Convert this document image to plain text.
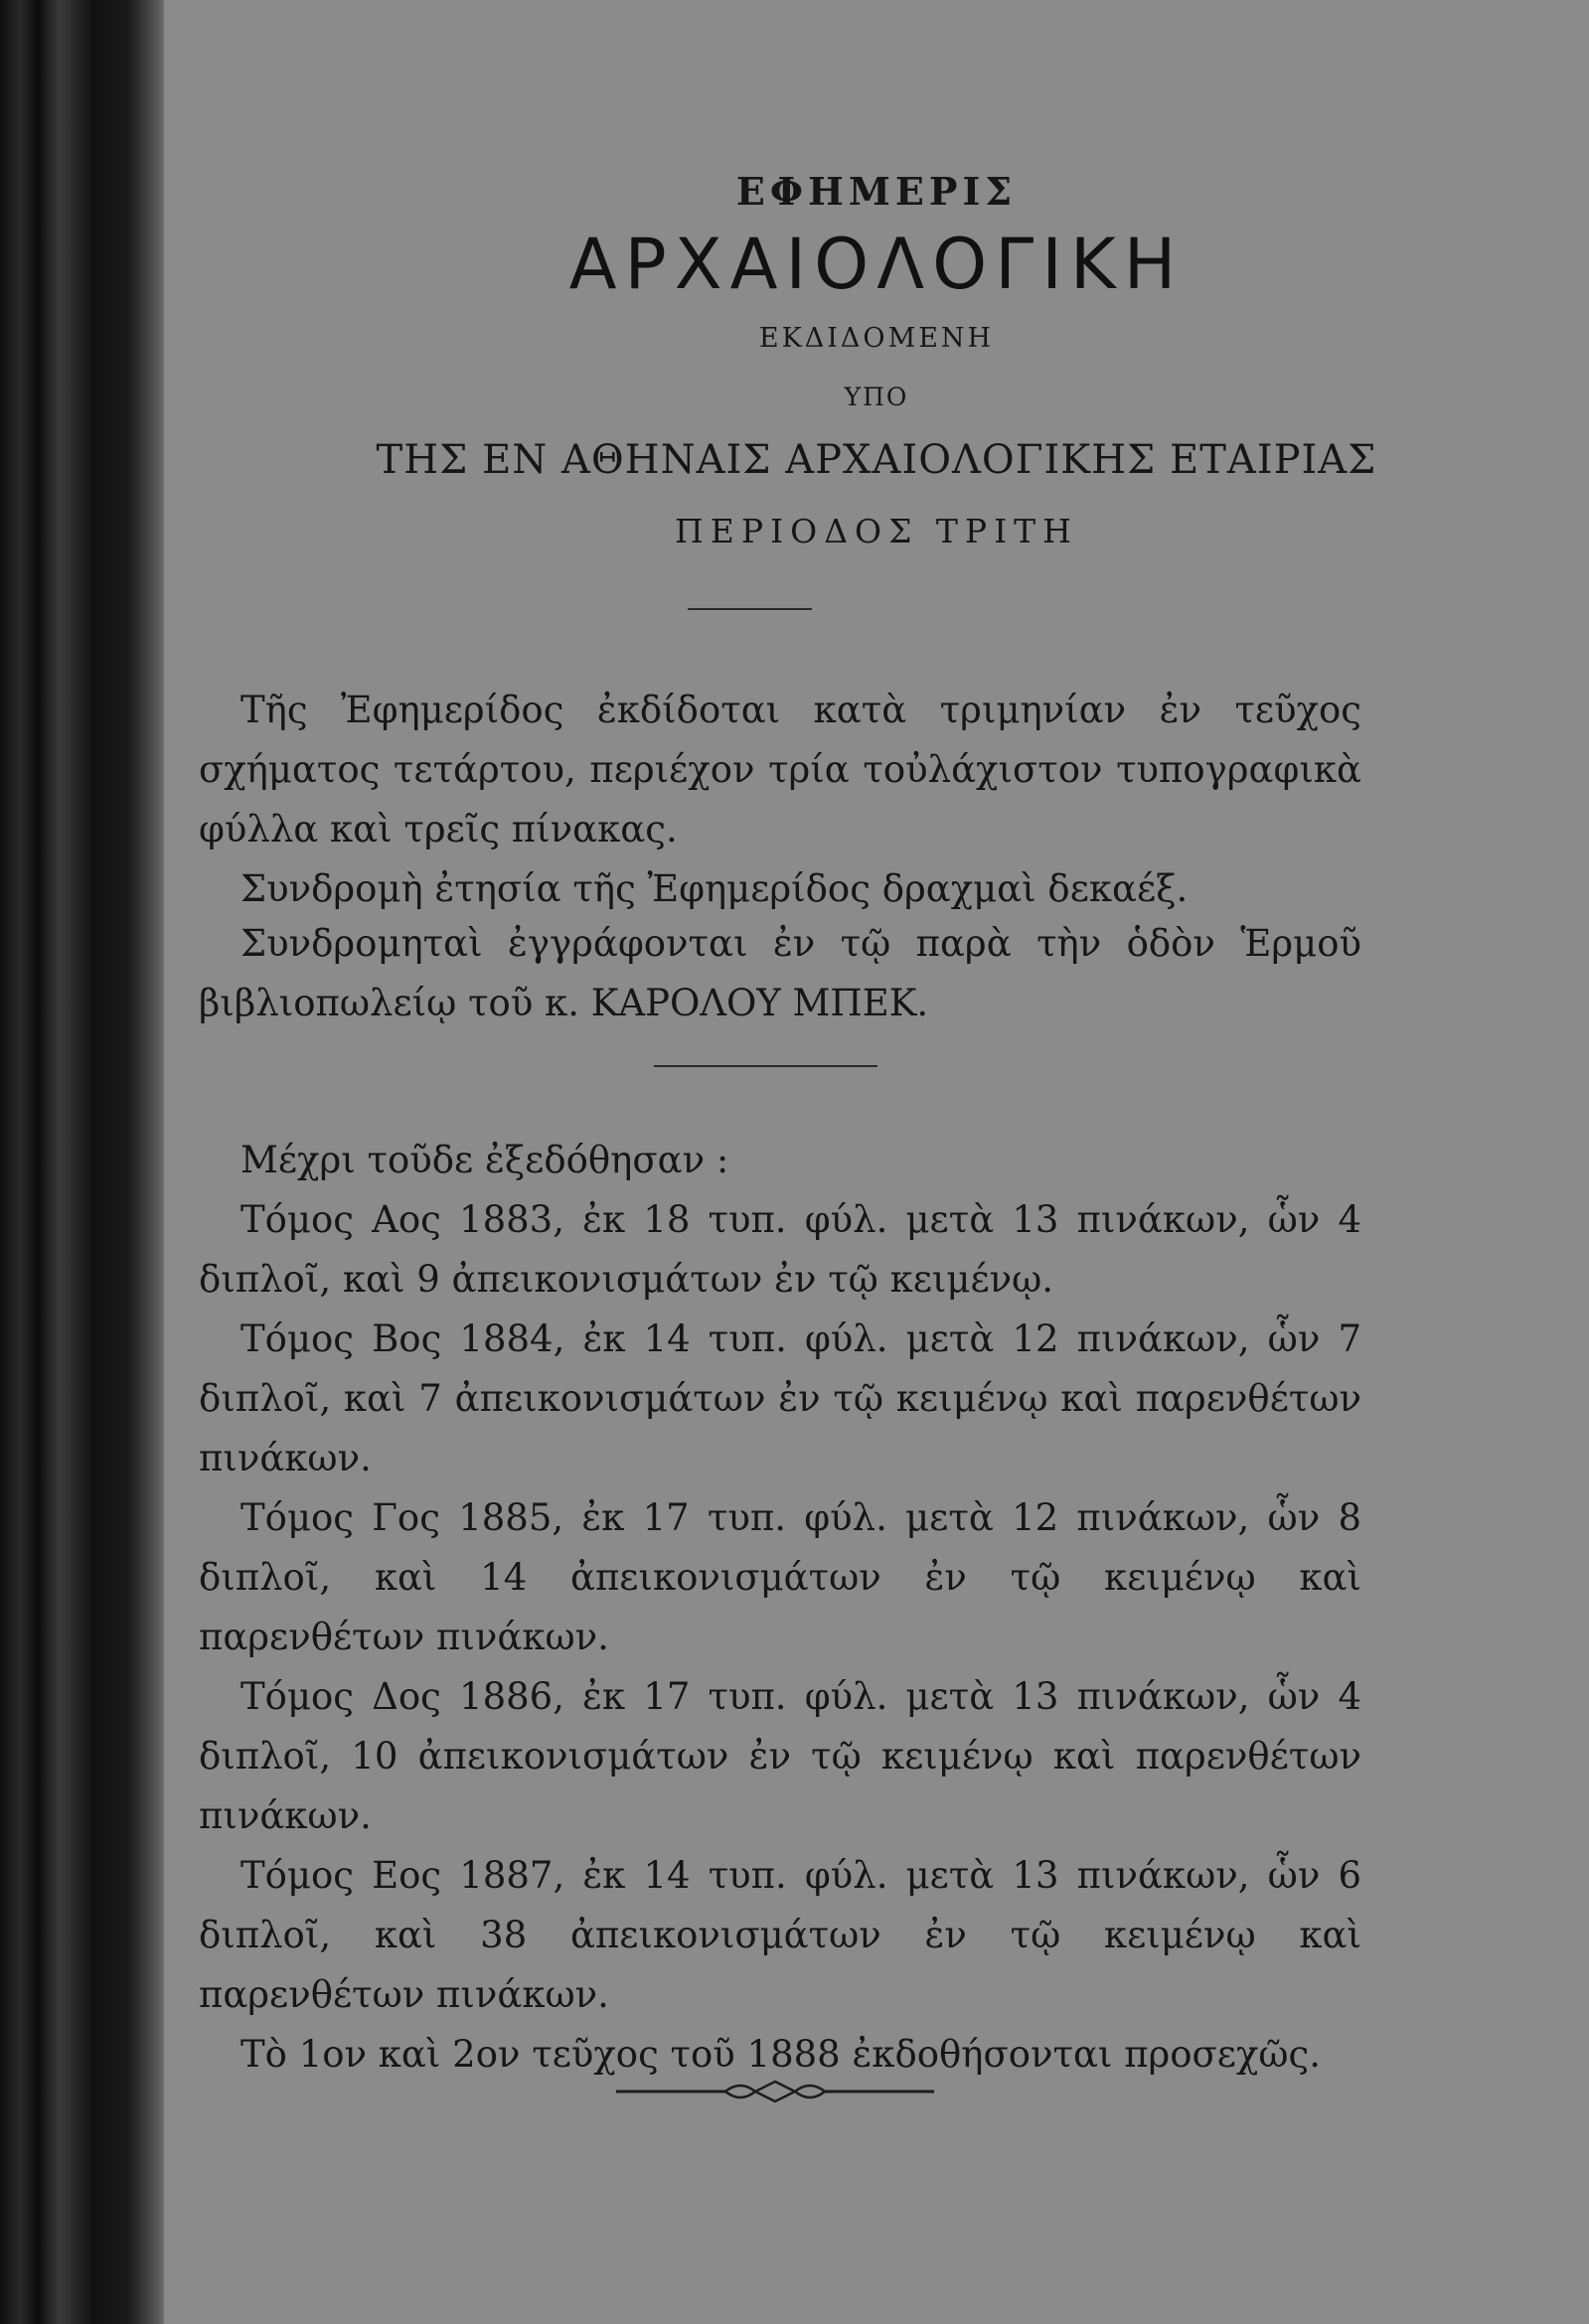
ΕΦΗΜΕΡΙΣ
ΑΡΧΑΙΟΛΟΓΙΚΗ
ΕΚΔΙΔΟΜΕΝΗ
ΥΠΟ
ΤΗΣ ΕΝ ΑΘΗΝΑΙΣ ΑΡΧΑΙΟΛΟΓΙΚΗΣ ΕΤΑΙΡΙΑΣ
ΠΕΡΙΟΔΟΣ ΤΡΙΤΗ

Τῆς Ἐφημερίδος ἐκδίδοται κατὰ τριμηνίαν ἐν τεῦχος σχήματος τετάρτου, περιέχον τρία τοὐλάχιστον τυπογραφικὰ φύλλα καὶ τρεῖς πίνακας.

Συνδρομὴ ἐτησία τῆς Ἐφημερίδος δραχμαὶ δεκαέξ.

Συνδρομηταὶ ἐγγράφονται ἐν τῷ παρὰ τὴν ὁδὸν Ἑρμοῦ βιβλιοπωλείῳ τοῦ κ. ΚΑΡΟΛΟΥ ΜΠΕΚ.

Μέχρι τοῦδε ἐξεδόθησαν :

Τόμος Αος 1883, ἐκ 18 τυπ. φύλ. μετὰ 13 πινάκων, ὧν 4 διπλοῖ, καὶ 9 ἀπεικονισμάτων ἐν τῷ κειμένῳ.

Τόμος Βος 1884, ἐκ 14 τυπ. φύλ. μετὰ 12 πινάκων, ὧν 7 διπλοῖ, καὶ 7 ἀπεικονισμάτων ἐν τῷ κειμένῳ καὶ παρενθέτων πινάκων.

Τόμος Γος 1885, ἐκ 17 τυπ. φύλ. μετὰ 12 πινάκων, ὧν 8 διπλοῖ, καὶ 14 ἀπεικονισμάτων ἐν τῷ κειμένῳ καὶ παρενθέτων πινάκων.

Τόμος Δος 1886, ἐκ 17 τυπ. φύλ. μετὰ 13 πινάκων, ὧν 4 διπλοῖ, 10 ἀπεικονισμάτων ἐν τῷ κειμένῳ καὶ παρενθέτων πινάκων.

Τόμος Εος 1887, ἐκ 14 τυπ. φύλ. μετὰ 13 πινάκων, ὧν 6 διπλοῖ, καὶ 38 ἀπεικονισμάτων ἐν τῷ κειμένῳ καὶ παρενθέτων πινάκων.

Τὸ 1ον καὶ 2ον τεῦχος τοῦ 1888 ἐκδοθήσονται προσεχῶς.
